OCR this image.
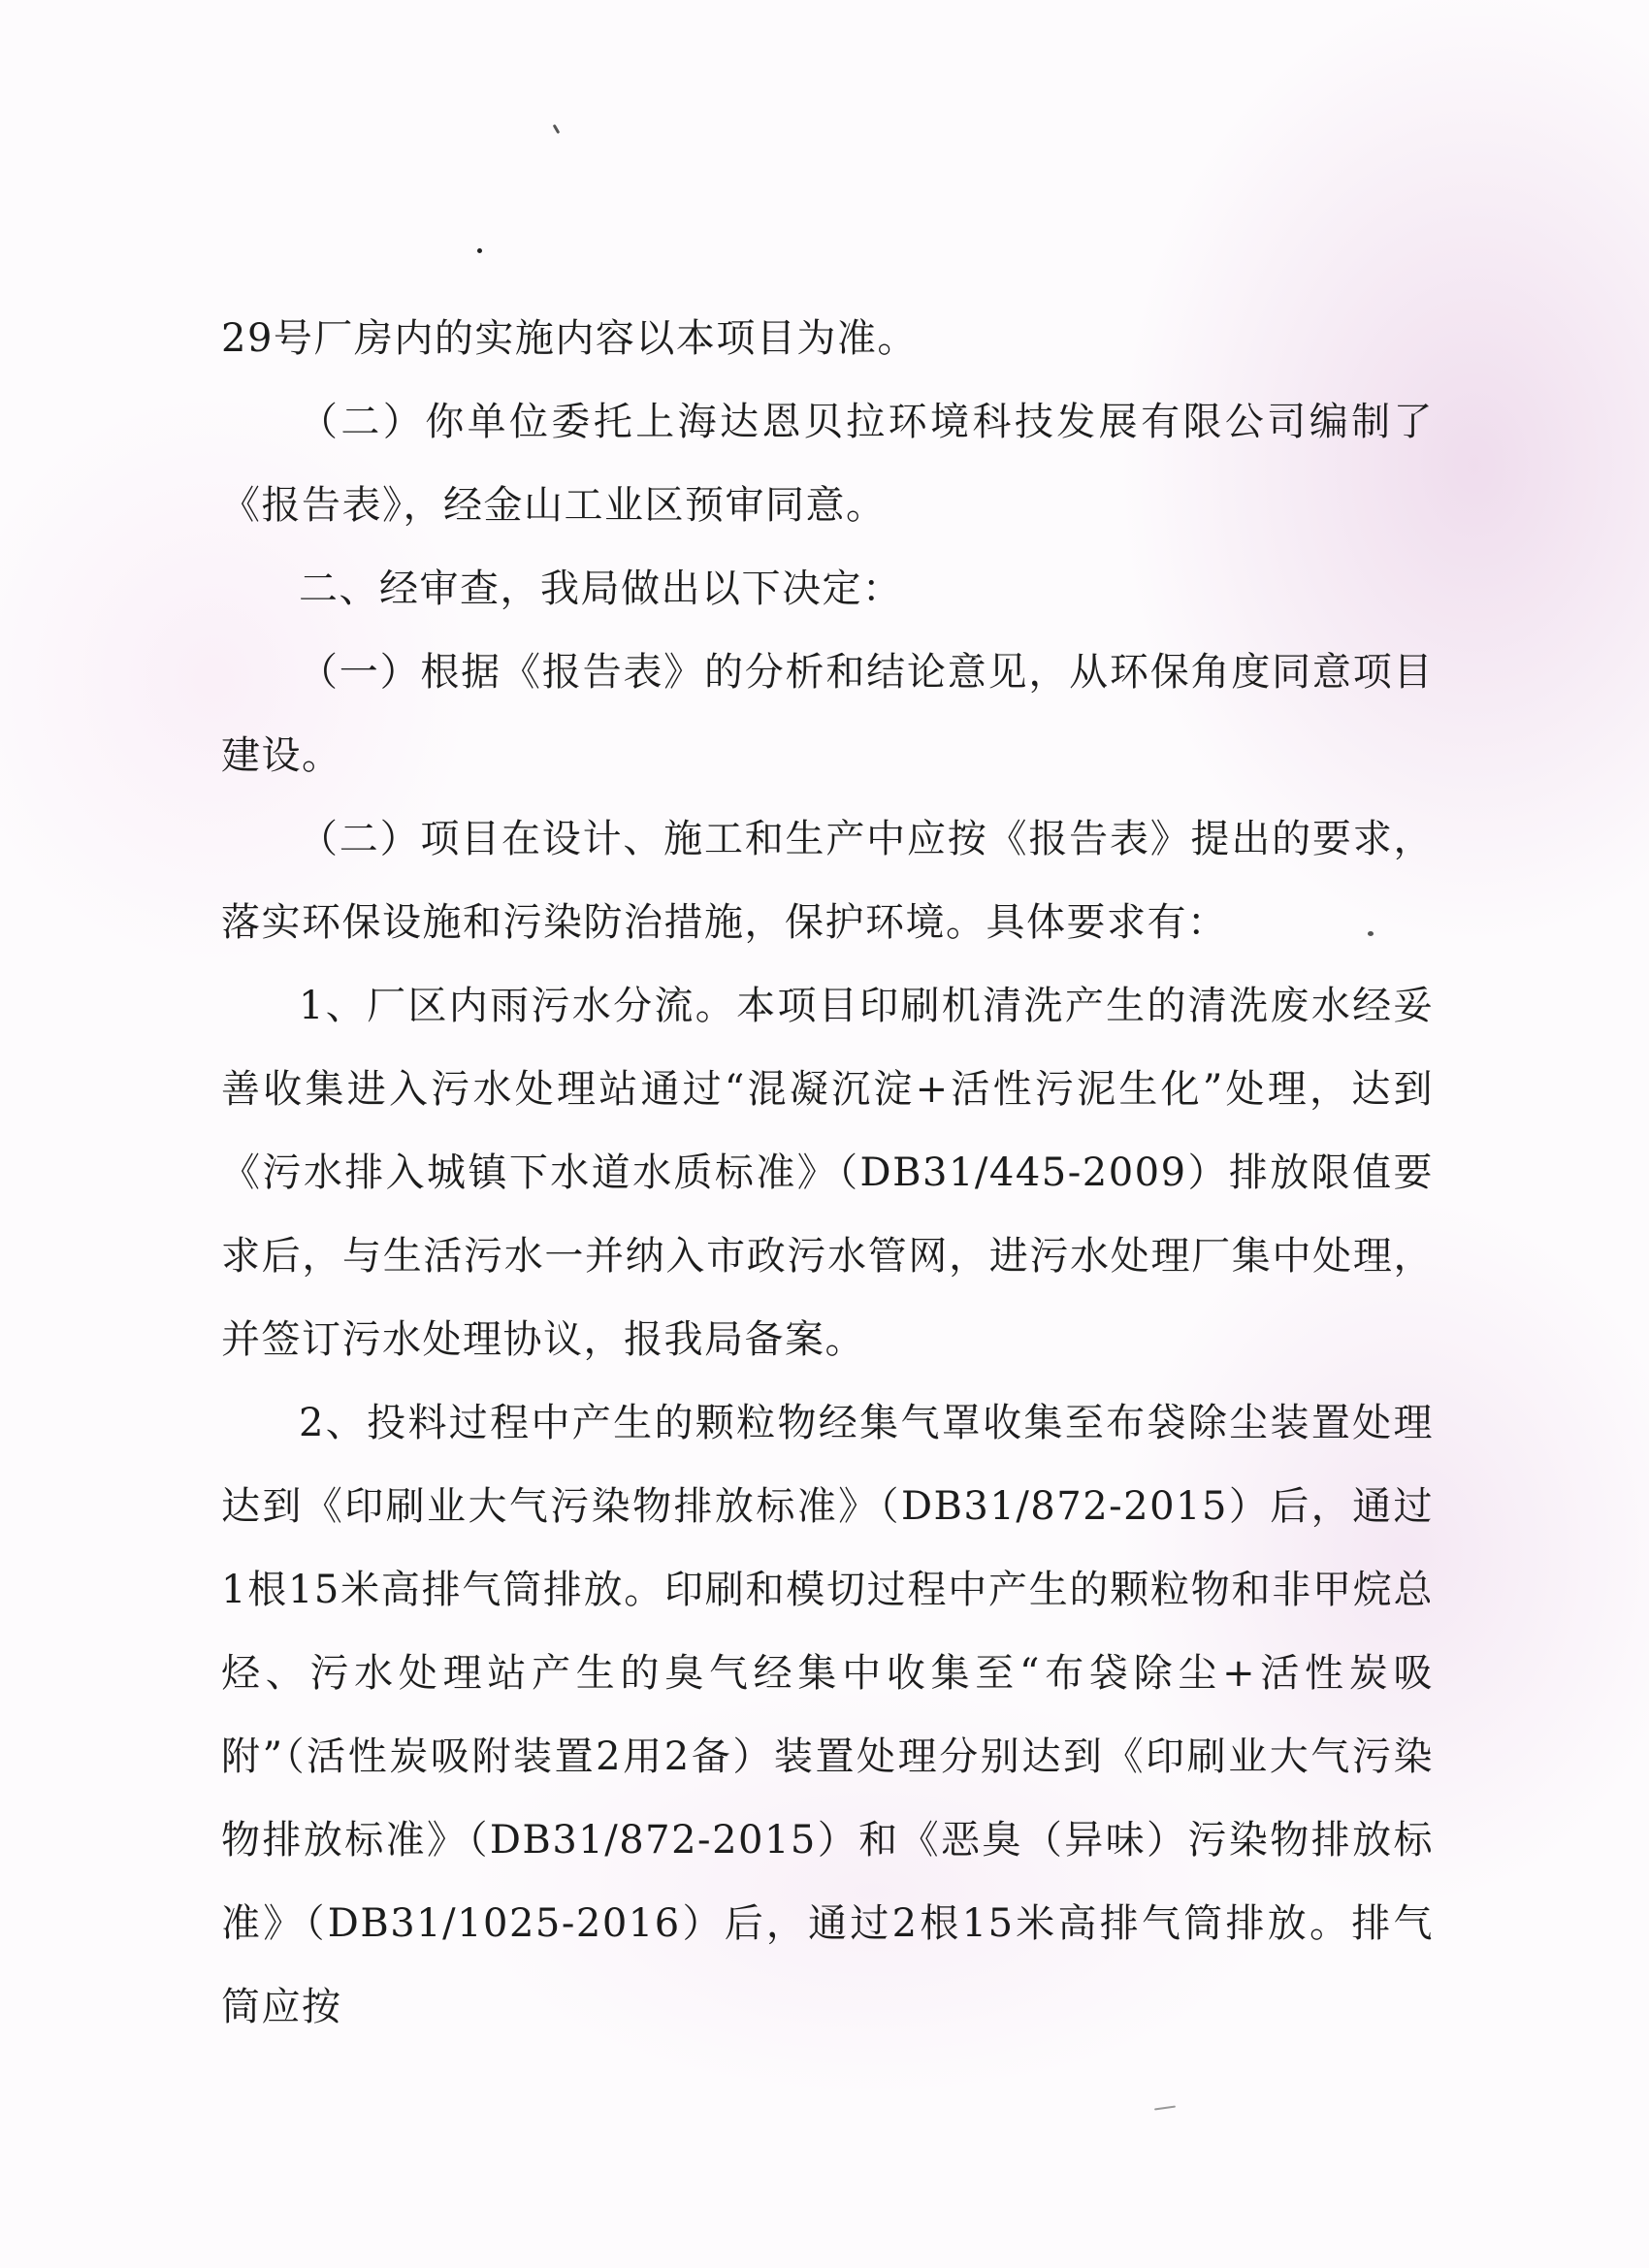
29号厂房内的实施内容以本项目为准。

（二）你单位委托上海达恩贝拉环境科技发展有限公司编制了《报告表》，经金山工业区预审同意。

二、经审查，我局做出以下决定：

（一）根据《报告表》的分析和结论意见，从环保角度同意项目建设。

（二）项目在设计、施工和生产中应按《报告表》提出的要求，落实环保设施和污染防治措施，保护环境。具体要求有：

1、厂区内雨污水分流。本项目印刷机清洗产生的清洗废水经妥善收集进入污水处理站通过“混凝沉淀+活性污泥生化”处理，达到《污水排入城镇下水道水质标准》（DB31/445-2009）排放限值要求后，与生活污水一并纳入市政污水管网，进污水处理厂集中处理，并签订污水处理协议，报我局备案。

2、投料过程中产生的颗粒物经集气罩收集至布袋除尘装置处理达到《印刷业大气污染物排放标准》（DB31/872-2015）后，通过1根15米高排气筒排放。印刷和模切过程中产生的颗粒物和非甲烷总烃、污水处理站产生的臭气经集中收集至“布袋除尘+活性炭吸附”（活性炭吸附装置2用2备）装置处理分别达到《印刷业大气污染物排放标准》（DB31/872-2015）和《恶臭（异味）污染物排放标准》（DB31/1025-2016）后，通过2根15米高排气筒排放。排气筒应按
